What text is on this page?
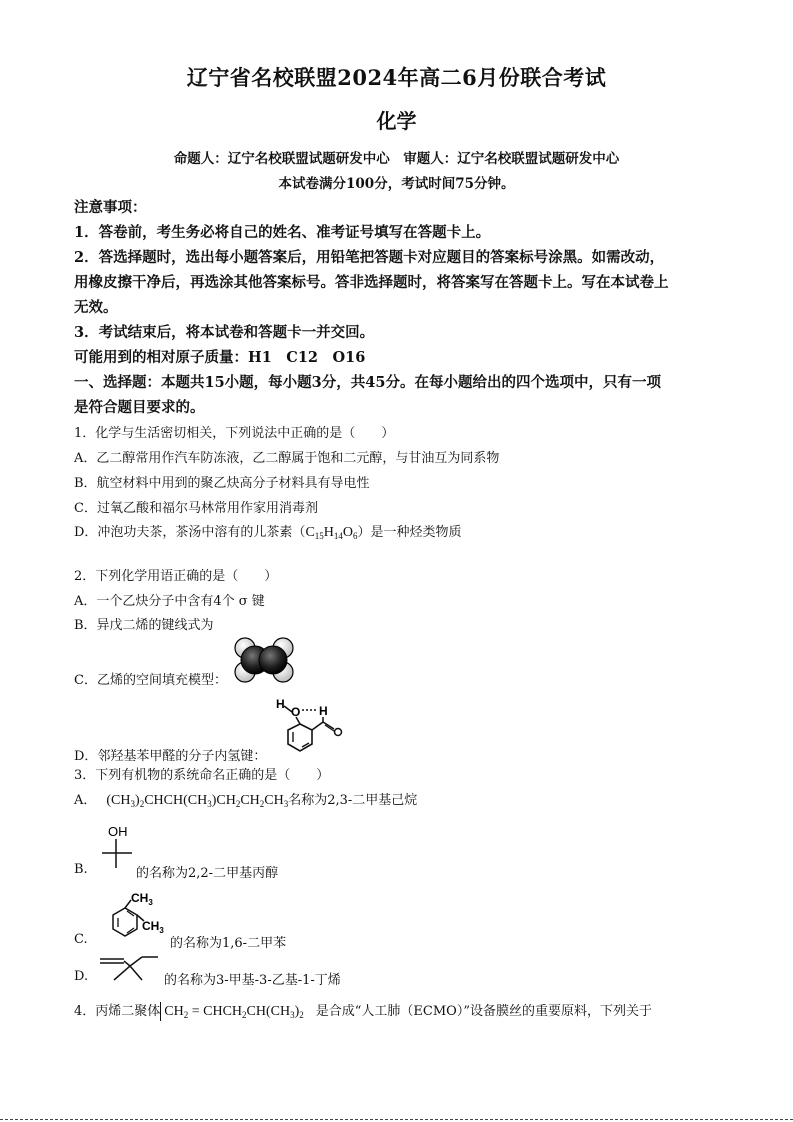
辽宁省名校联盟2024年高二6月份联合考试
化学
命题人：辽宁名校联盟试题研发中心　审题人：辽宁名校联盟试题研发中心
本试卷满分100分，考试时间75分钟。
注意事项：
1．答卷前，考生务必将自己的姓名、准考证号填写在答题卡上。
2．答选择题时，选出每小题答案后，用铅笔把答题卡对应题目的答案标号涂黑。如需改动，
用橡皮擦干净后，再选涂其他答案标号。答非选择题时，将答案写在答题卡上。写在本试卷上
无效。
3．考试结束后，将本试卷和答题卡一并交回。
可能用到的相对原子质量：H1　C12　O16
一、选择题：本题共15小题，每小题3分，共45分。在每小题给出的四个选项中，只有一项
是符合题目要求的。
1．化学与生活密切相关，下列说法中正确的是（　　）
A．乙二醇常用作汽车防冻液，乙二醇属于饱和二元醇，与甘油互为同系物
B．航空材料中用到的聚乙炔高分子材料具有导电性
C．过氧乙酸和福尔马林常用作家用消毒剂
D．冲泡功夫茶，茶汤中溶有的儿茶素$(C_{15}H_{14}O_6)$是一种烃类物质
2．下列化学用语正确的是（　　）
A．一个乙炔分子中含有4个 σ 键
B．异戊二烯的键线式为
C．乙烯的空间填充模型：
H
O H
D．邻羟基苯甲醛的分子内氢键：
3．下列有机物的系统命名正确的是（　　）
A． $(CH_3)_2CHCH(CH_3)CH_2CH_2CH_3$名称为2,3-二甲基己烷
B.
OH
的名称为2,2-二甲基丙醇
C.
$CH_3$
$CH_3$
的名称为1,6-二甲苯
D.	的名称为3-甲基-3-乙基-1-丁烯
4．丙烯二聚体 $CH_2$ = $CHCH_2CH(CH_3)_2$ 是合成“人工肺（ECMO）”设备膜丝的重要原料，下列关于
